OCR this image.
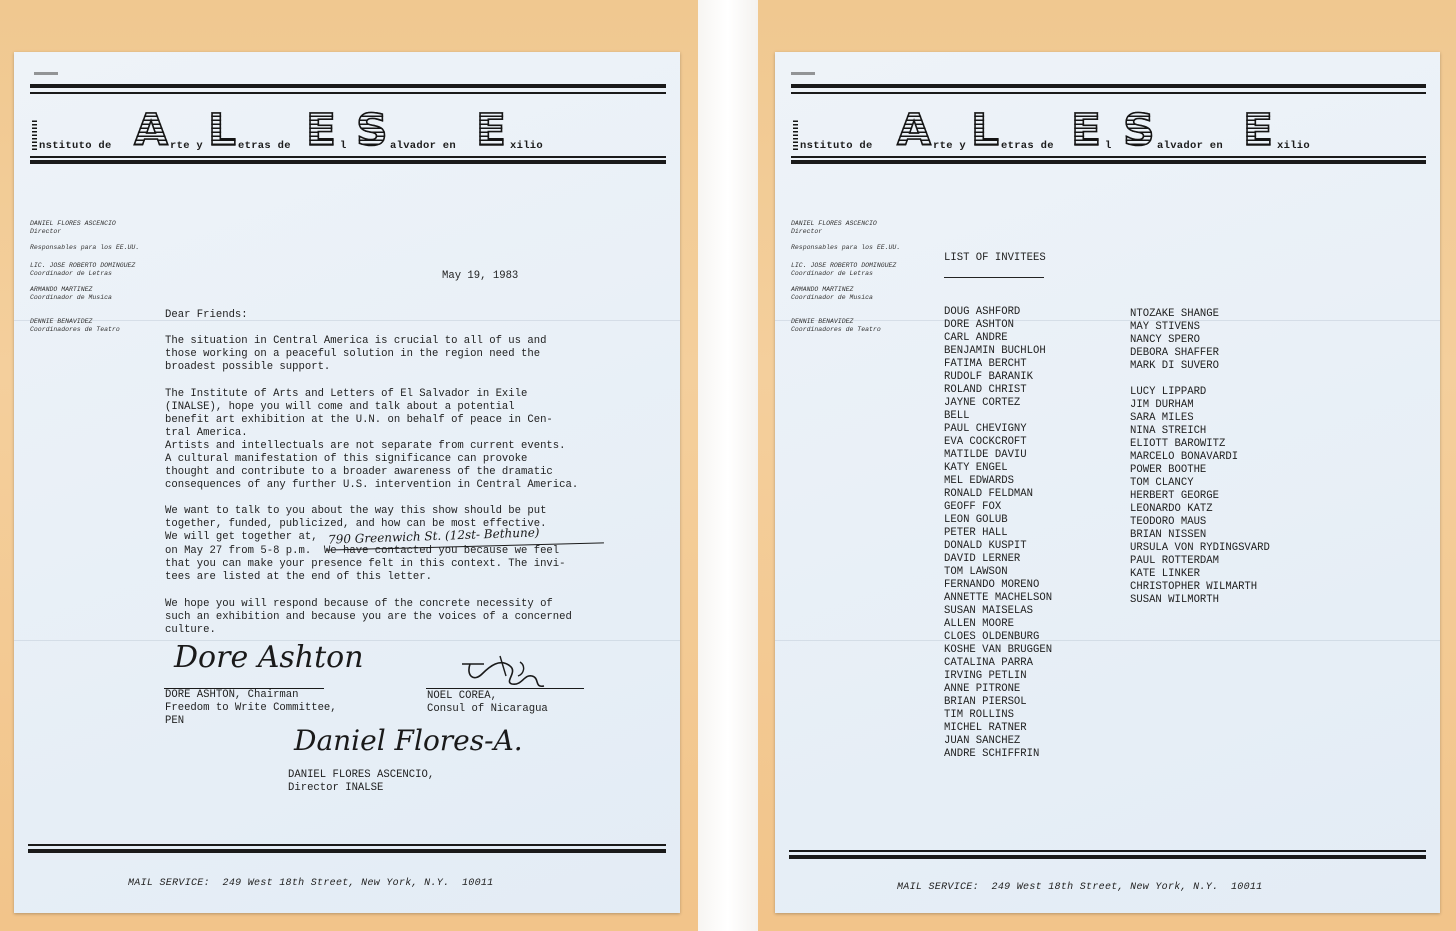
nstituto de A rte y L etras de E l S alvador en E xilio
DANIEL FLORES ASCENCIO
Director
Responsables para los EE.UU.
LIC. JOSE ROBERTO DOMINGUEZ
Coordinador de Letras
ARMANDO MARTINEZ
Coordinador de Musica
DENNIE BENAVIDEZ
Coordinadores de Teatro
May 19, 1983
Dear Friends:
The situation in Central America is crucial to all of us and
those working on a peaceful solution in the region need the
broadest possible support.
The Institute of Arts and Letters of El Salvador in Exile
(INALSE), hope you will come and talk about a potential
benefit art exhibition at the U.N. on behalf of peace in Cen-
tral America.
Artists and intellectuals are not separate from current events.
A cultural manifestation of this significance can provoke
thought and contribute to a broader awareness of the dramatic
consequences of any further U.S. intervention in Central America.
We want to talk to you about the way this show should be put
together, funded, publicized, and how can be most effective.
We will get together at, 790 Greenwich St. (12st- Bethune)
on May 27 from 5-8 p.m.  We have contacted you because we feel
that you can make your presence felt in this context. The invi-
tees are listed at the end of this letter.
We hope you will respond because of the concrete necessity of
such an exhibition and because you are the voices of a concerned
culture.
Dore Ashton
DORE ASHTON, Chairman
Freedom to Write Committee,
PEN
NOEL COREA,
Consul of Nicaragua
Daniel Flores-A.
DANIEL FLORES ASCENCIO,
Director INALSE
MAIL SERVICE: 249 West 18th Street, New York, N.Y.  10011
nstituto de A rte y L etras de E l S alvador en E xilio
DANIEL FLORES ASCENCIO
Director
Responsables para los EE.UU.
LIC. JOSE ROBERTO DOMINGUEZ
Coordinador de Letras
ARMANDO MARTINEZ
Coordinador de Musica
DENNIE BENAVIDEZ
Coordinadores de Teatro
LIST OF INVITEES
DOUG ASHFORD
DORE ASHTON
CARL ANDRE
BENJAMIN BUCHLOH
FATIMA BERCHT
RUDOLF BARANIK
ROLAND CHRIST
JAYNE CORTEZ
BELL
PAUL CHEVIGNY
EVA COCKCROFT
MATILDE DAVIU
KATY ENGEL
MEL EDWARDS
RONALD FELDMAN
GEOFF FOX
LEON GOLUB
PETER HALL
DONALD KUSPIT
DAVID LERNER
TOM LAWSON
FERNANDO MORENO
ANNETTE MACHELSON
SUSAN MAISELAS
ALLEN MOORE
CLOES OLDENBURG
KOSHE VAN BRUGGEN
CATALINA PARRA
IRVING PETLIN
ANNE PITRONE
BRIAN PIERSOL
TIM ROLLINS
MICHEL RATNER
JUAN SANCHEZ
ANDRE SCHIFFRIN
NTOZAKE SHANGE
MAY STIVENS
NANCY SPERO
DEBORA SHAFFER
MARK DI SUVERO
LUCY LIPPARD
JIM DURHAM
SARA MILES
NINA STREICH
ELIOTT BAROWITZ
MARCELO BONAVARDI
POWER BOOTHE
TOM CLANCY
HERBERT GEORGE
LEONARDO KATZ
TEODORO MAUS
BRIAN NISSEN
URSULA VON RYDINGSVARD
PAUL ROTTERDAM
KATE LINKER
CHRISTOPHER WILMARTH
SUSAN WILMORTH
MAIL SERVICE: 249 West 18th Street, New York, N.Y.  10011
